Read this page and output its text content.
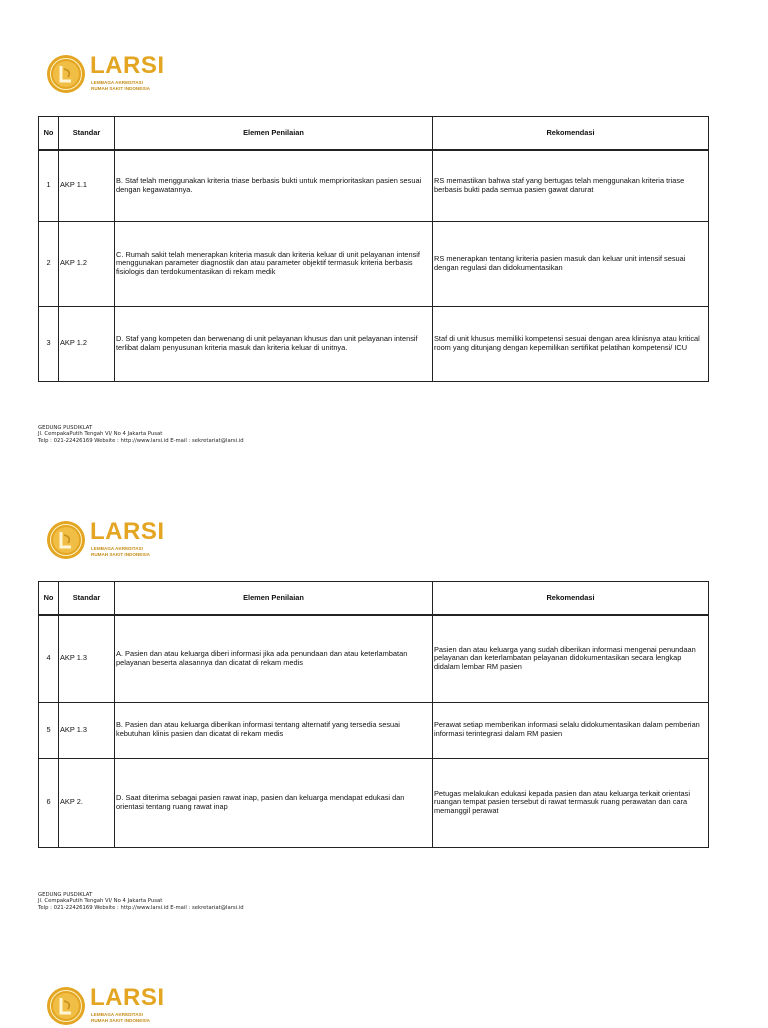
LARSI
LEMBAGA AKREDITASI
RUMAH SAKIT INDONESIA
No	Standar	Elemen Penilaian	Rekomendasi
1	AKP 1.1	B. Staf telah menggunakan kriteria triase berbasis bukti untuk memprioritaskan pasien sesuai dengan kegawatannya.	RS memastikan bahwa staf yang bertugas telah menggunakan kriteria triase berbasis bukti pada semua pasien gawat darurat
2	AKP 1.2	C. Rumah sakit telah menerapkan kriteria masuk dan kriteria keluar di unit pelayanan intensif menggunakan parameter diagnostik dan atau parameter objektif termasuk kriteria berbasis fisiologis dan terdokumentasikan di rekam medik	RS menerapkan tentang kriteria pasien masuk dan keluar unit intensif sesuai dengan regulasi dan didokumentasikan
3	AKP 1.2	D. Staf yang kompeten dan berwenang di unit pelayanan khusus dan unit pelayanan intensif terlibat dalam penyusunan kriteria masuk dan kriteria keluar di unitnya.	Staf di unit khusus memiliki kompetensi sesuai dengan area klinisnya atau kritical room yang ditunjang dengan kepemilikan sertifikat pelatihan kompetensi/ ICU
GEDUNG PUSDIKLAT
Jl. CempakaPutih Tengah VI/ No 4 Jakarta Pusat
Telp : 021-22426169 Website : http://www.larsi.id E-mail : sekretariat@larsi.id
LARSI
LEMBAGA AKREDITASI
RUMAH SAKIT INDONESIA
No	Standar	Elemen Penilaian	Rekomendasi
4	AKP 1.3	A. Pasien dan atau keluarga diberi informasi jika ada penundaan dan atau keterlambatan pelayanan beserta alasannya dan dicatat di rekam medis	Pasien dan atau keluarga yang sudah diberikan informasi mengenai penundaan pelayanan dan keterlambatan pelayanan didokumentasikan secara lengkap didalam lembar RM pasien
5	AKP 1.3	B. Pasien dan atau keluarga diberikan informasi tentang alternatif yang tersedia sesuai kebutuhan klinis pasien dan dicatat di rekam medis	Perawat setiap memberikan informasi selalu didokumentasikan dalam pemberian informasi terintegrasi dalam RM pasien
6	AKP 2.	D. Saat diterima sebagai pasien rawat inap, pasien dan keluarga mendapat edukasi dan orientasi tentang ruang rawat inap	Petugas melakukan edukasi kepada pasien dan atau keluarga terkait orientasi ruangan tempat pasien tersebut di rawat termasuk ruang perawatan dan cara memanggil perawat
GEDUNG PUSDIKLAT
Jl. CempakaPutih Tengah VI/ No 4 Jakarta Pusat
Telp : 021-22426169 Website : http://www.larsi.id E-mail : sekretariat@larsi.id
LARSI
LEMBAGA AKREDITASI
RUMAH SAKIT INDONESIA
